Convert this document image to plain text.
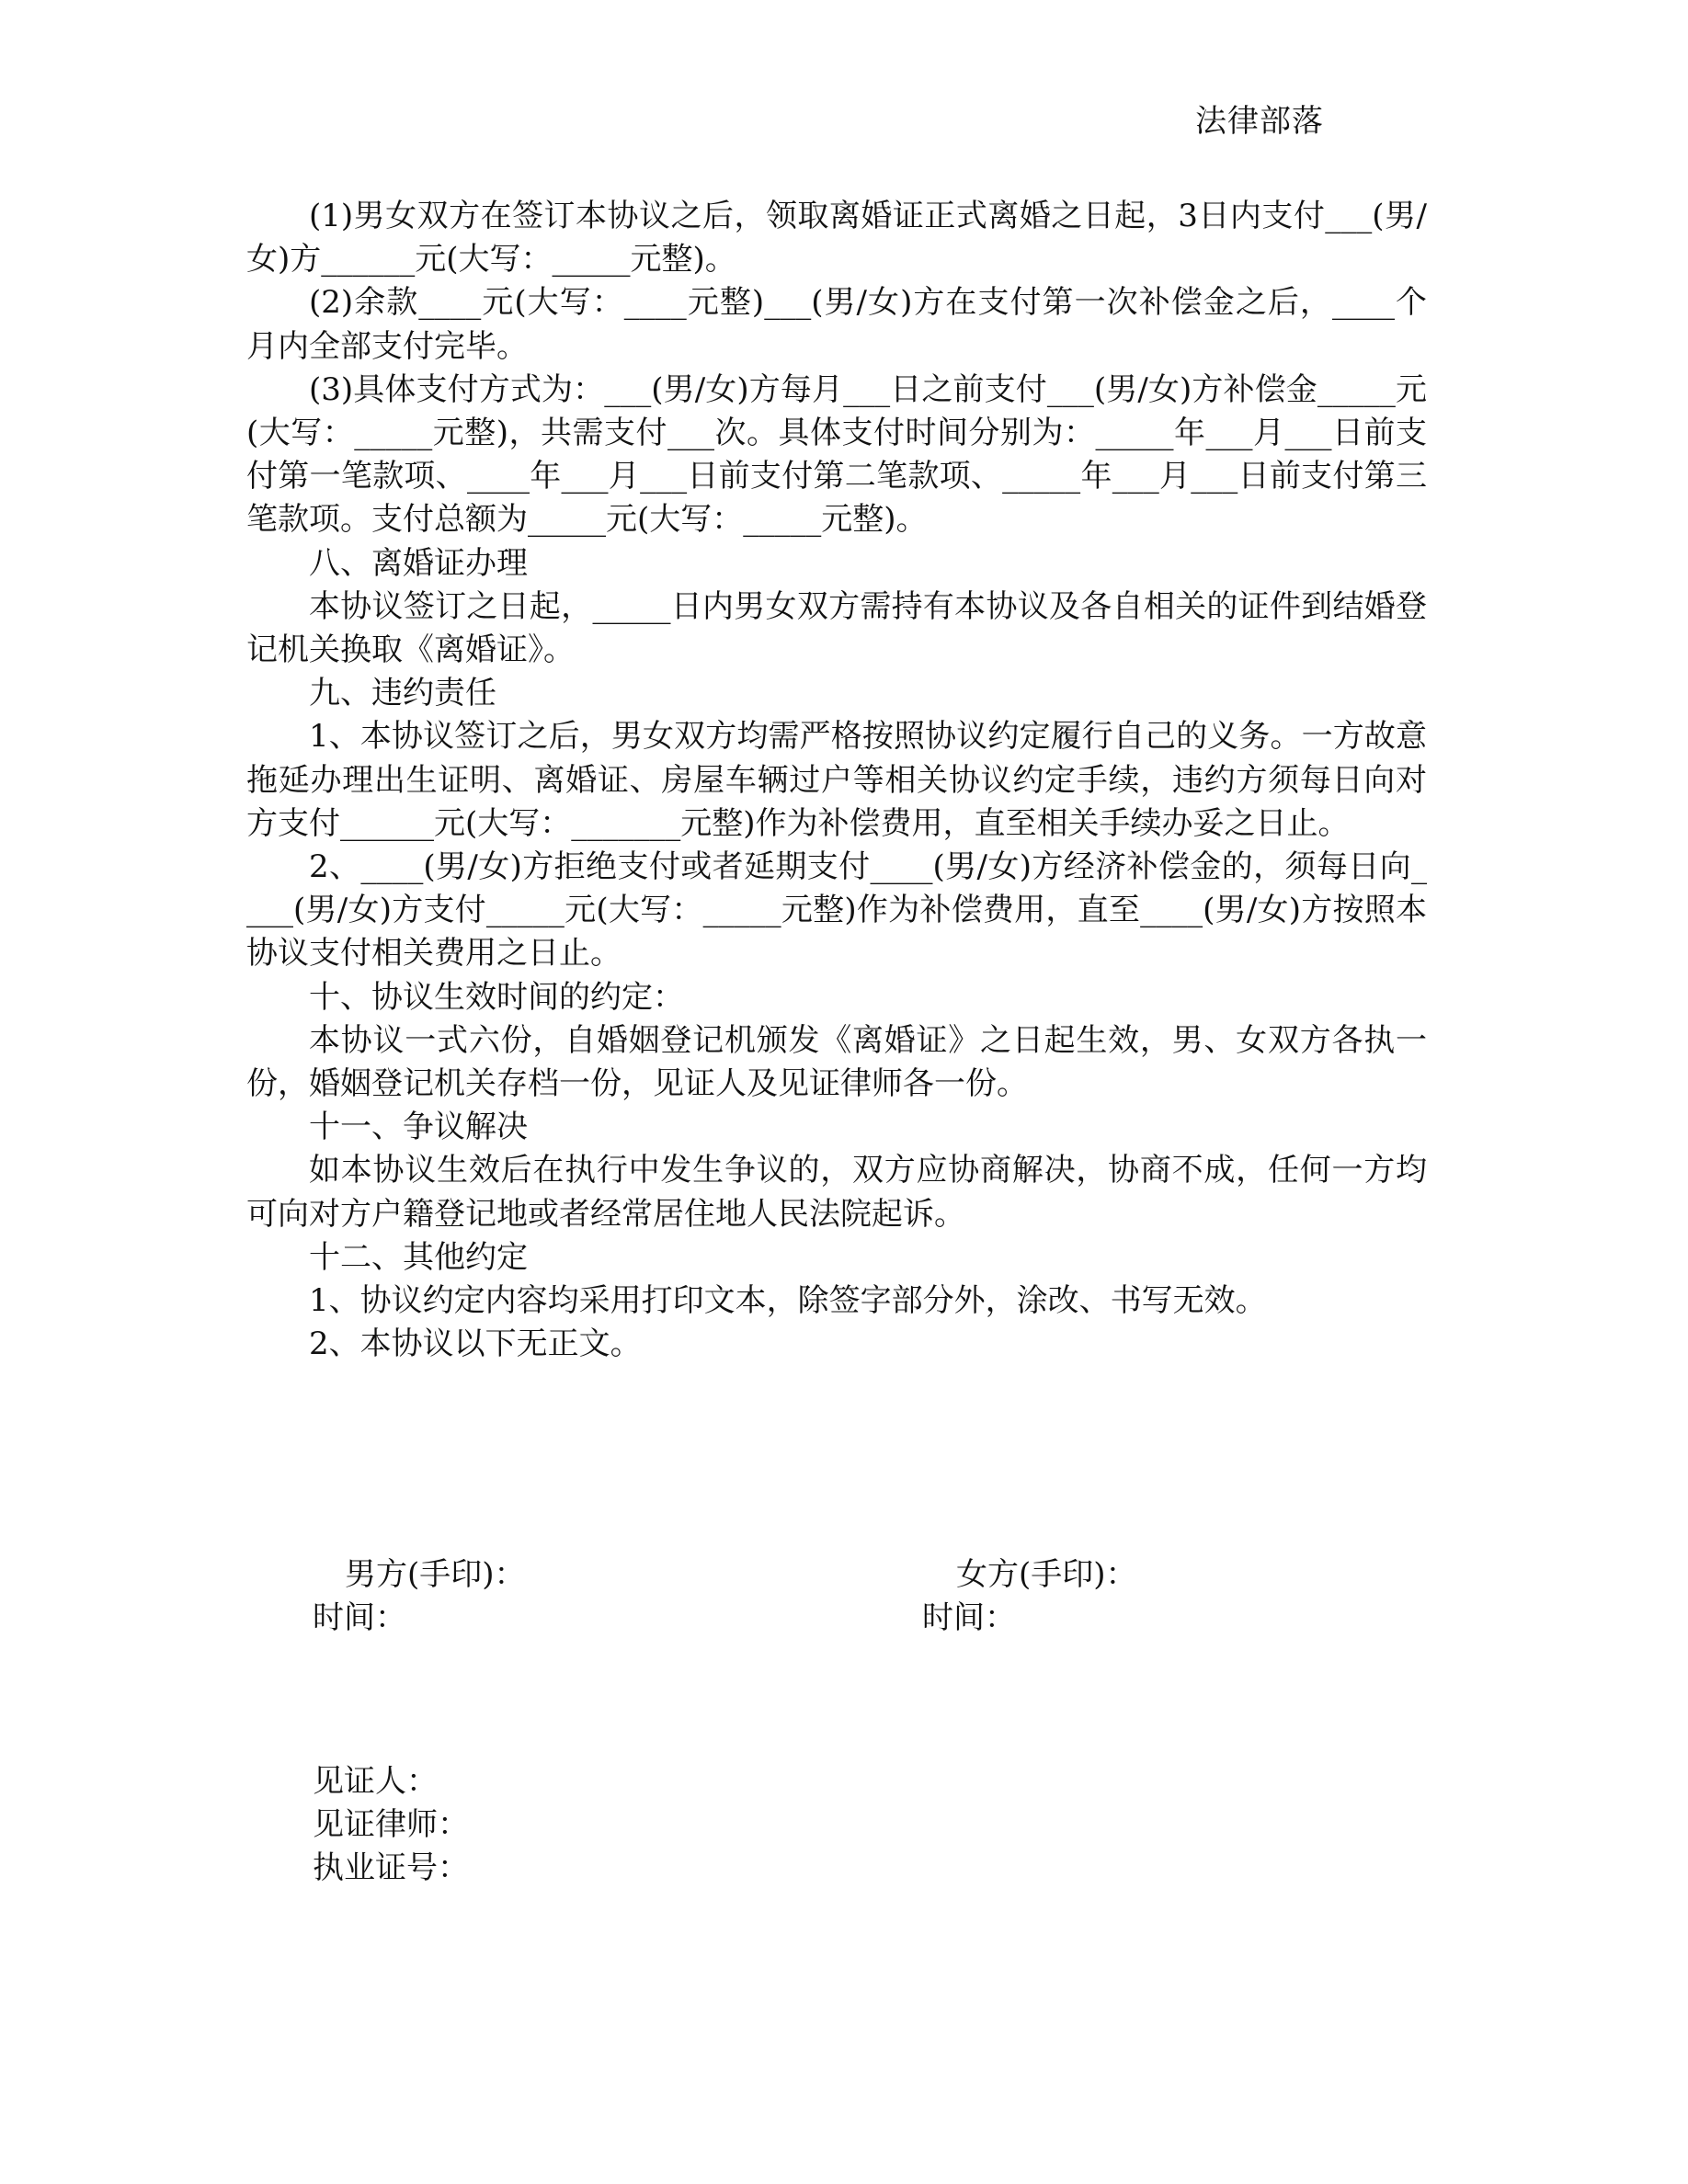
法律部落

(1)男女双方在签订本协议之后，领取离婚证正式离婚之日起，3日内支付___(男/女)方______元(大写：_____元整)。

(2)余款____元(大写：____元整)___(男/女)方在支付第一次补偿金之后，____个月内全部支付完毕。

(3)具体支付方式为：___(男/女)方每月___日之前支付___(男/女)方补偿金_____元(大写：_____元整)，共需支付___次。具体支付时间分别为：_____年___月___日前支付第一笔款项、____年___月___日前支付第二笔款项、_____年___月___日前支付第三笔款项。支付总额为_____元(大写：_____元整)。

八、离婚证办理

本协议签订之日起，_____日内男女双方需持有本协议及各自相关的证件到结婚登记机关换取《离婚证》。

九、违约责任

1、本协议签订之后，男女双方均需严格按照协议约定履行自己的义务。一方故意拖延办理出生证明、离婚证、房屋车辆过户等相关协议约定手续，违约方须每日向对方支付______元(大写：_______元整)作为补偿费用，直至相关手续办妥之日止。

2、____(男/女)方拒绝支付或者延期支付____(男/女)方经济补偿金的，须每日向____(男/女)方支付_____元(大写：_____元整)作为补偿费用，直至____(男/女)方按照本协议支付相关费用之日止。

十、协议生效时间的约定：

本协议一式六份，自婚姻登记机颁发《离婚证》之日起生效，男、女双方各执一份，婚姻登记机关存档一份，见证人及见证律师各一份。

十一、争议解决

如本协议生效后在执行中发生争议的，双方应协商解决，协商不成，任何一方均可向对方户籍登记地或者经常居住地人民法院起诉。

十二、其他约定

1、协议约定内容均采用打印文本，除签字部分外，涂改、书写无效。

2、本协议以下无正文。

男方(手印)：
时间：
女方(手印)：
时间：
见证人：
见证律师：
执业证号：
